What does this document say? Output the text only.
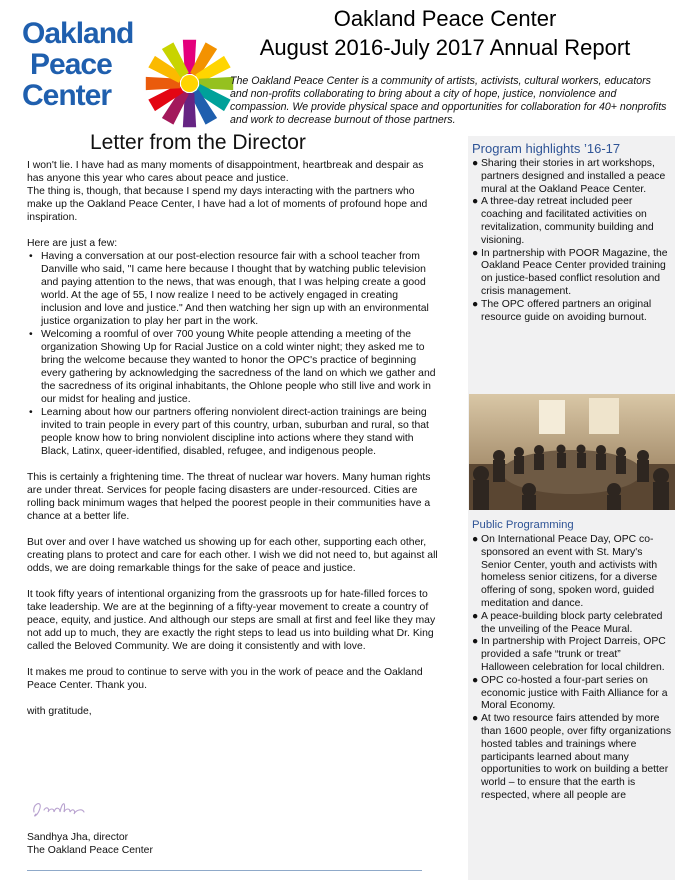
Oakland
Peace
Center
Oakland Peace Center
August 2016-July 2017 Annual Report
The Oakland Peace Center is a community of artists, activists, cultural workers, educators and non-profits collaborating to bring about a city of hope, justice, nonviolence and compassion. We provide physical space and opportunities for collaboration for 40+ nonprofits and work to decrease burnout of those partners.
Letter from the Director

I won't lie. I have had as many moments of disappointment, heartbreak and despair as has anyone this year who cares about peace and justice.

The thing is, though, that because I spend my days interacting with the partners who make up the Oakland Peace Center, I have had a lot of moments of profound hope and inspiration.

Here are just a few:

• Having a conversation at our post-election resource fair with a school teacher from Danville who said, "I came here because I thought that by watching public television and paying attention to the news, that was enough, that I was helping create a good world. At the age of 55, I now realize I need to be actively engaged in creating inclusion and love and justice." And then watching her sign up with an environmental justice organization to play her part in the work.
• Welcoming a roomful of over 700 young White people attending a meeting of the organization Showing Up for Racial Justice on a cold winter night; they asked me to bring the welcome because they wanted to honor the OPC's practice of beginning every gathering by acknowledging the sacredness of the land on which we gather and the sacredness of its original inhabitants, the Ohlone people who still live and work in our midst for healing and justice.
• Learning about how our partners offering nonviolent direct-action trainings are being invited to train people in every part of this country, urban, suburban and rural, so that people know how to bring nonviolent discipline into actions where they stand with Black, Latinx, queer-identified, disabled, refugee, and indigenous people.

This is certainly a frightening time. The threat of nuclear war hovers. Many human rights are under threat. Services for people facing disasters are under-resourced. Cities are rolling back minimum wages that helped the poorest people in their communities have a chance at a better life.

But over and over I have watched us showing up for each other, supporting each other, creating plans to protect and care for each other. I wish we did not need to, but against all odds, we are doing remarkable things for the sake of peace and justice.

It took fifty years of intentional organizing from the grassroots up for hate-filled forces to take leadership. We are at the beginning of a fifty-year movement to create a country of peace, equity, and justice. And although our steps are small at first and feel like they may not add up to much, they are exactly the right steps to lead us into building what Dr. King called the Beloved Community. We are doing it consistently and with love.

It makes me proud to continue to serve with you in the work of peace and the Oakland Peace Center. Thank you.

with gratitude,

Sandhya Jha, director
The Oakland Peace Center
Program highlights ’16-17
● Sharing their stories in art workshops, partners designed and installed a peace mural at the Oakland Peace Center.
● A three-day retreat included peer coaching and facilitated activities on revitalization, community building and visioning.
● In partnership with POOR Magazine, the Oakland Peace Center provided training on justice-based conflict resolution and crisis management.
● The OPC offered partners an original resource guide on avoiding burnout.
Public Programming
● On International Peace Day, OPC co-sponsored an event with St. Mary's Senior Center, youth and activists with homeless senior citizens, for a diverse offering of song, spoken word, guided meditation and dance.
● A peace-building block party celebrated the unveiling of the Peace Mural.
● In partnership with Project Darreis, OPC provided a safe “trunk or treat” Halloween celebration for local children.
● OPC co-hosted a four-part series on economic justice with Faith Alliance for a Moral Economy.
● At two resource fairs attended by more than 1600 people, over fifty organizations hosted tables and trainings where participants learned about many opportunities to work on building a better world – to ensure that the earth is respected, where all people are
